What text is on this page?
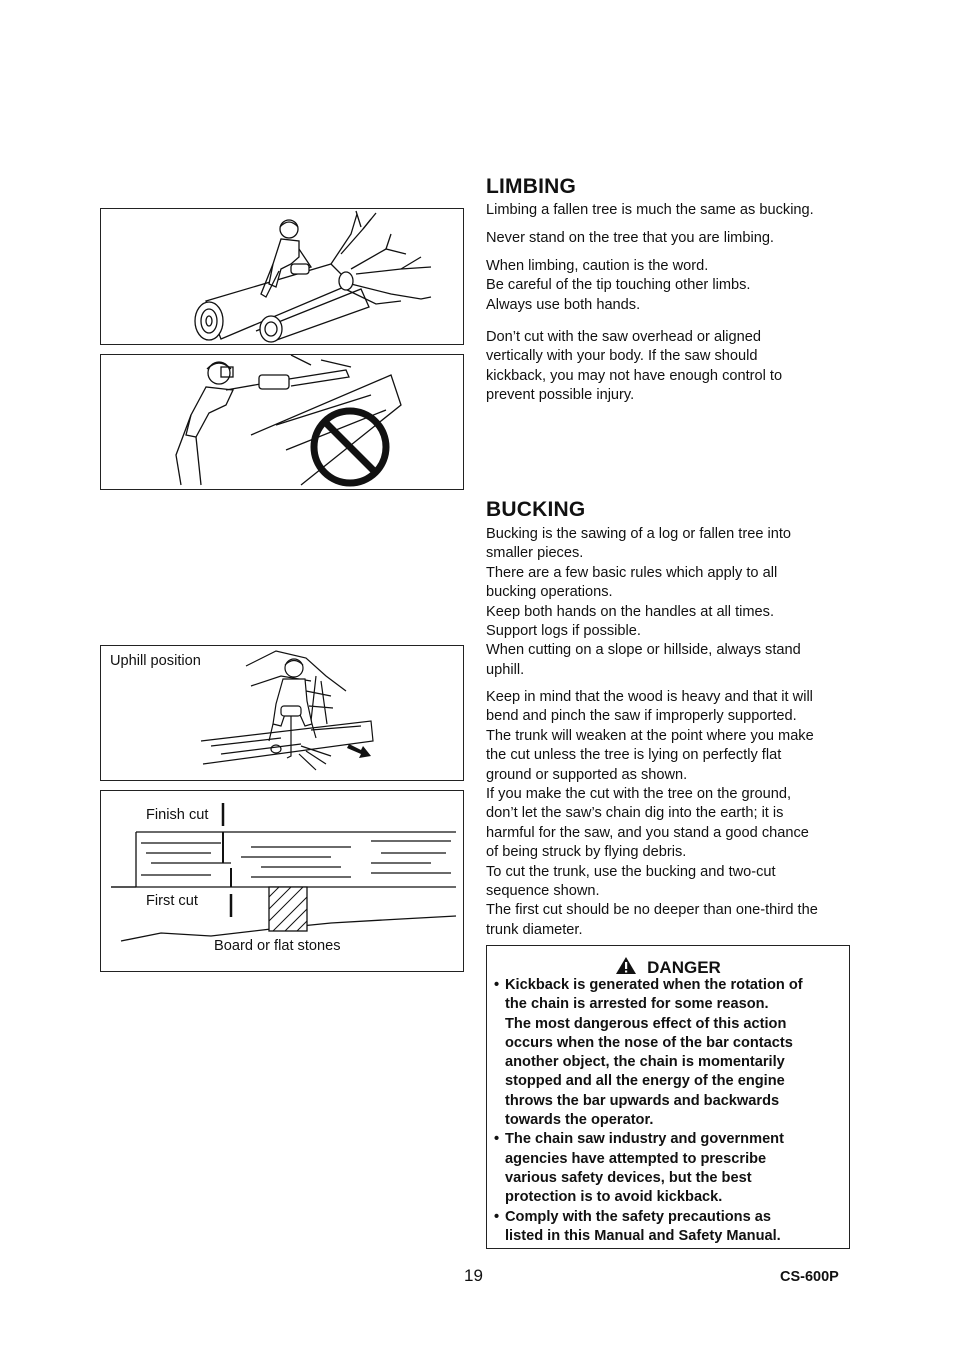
Uphill position
Finish cut
First cut
Board or flat stones
LIMBING

Limbing a fallen tree is much the same as bucking.

Never stand on the tree that you are limbing.

When limbing, caution is the word.
Be careful of the tip touching other limbs.
Always use both hands.

Don’t cut with the saw overhead or aligned
vertically with your body. If the saw should
kickback, you may not have enough control to
prevent possible injury.

BUCKING

Bucking is the sawing of a log or fallen tree into
smaller pieces.
There are a few basic rules which apply to all
bucking operations.
Keep both hands on the handles at all times.
Support logs if possible.
When cutting on a slope or hillside, always stand
uphill.

Keep in mind that the wood is heavy and that it will
bend and pinch the saw if improperly supported.
The trunk will weaken at the point where you make
the cut unless the tree is lying on perfectly flat
ground or supported as shown.
If you make the cut with the tree on the ground,
don’t let the saw’s chain dig into the earth; it is
harmful for the saw, and you stand a good chance
of being struck by flying debris.
To cut the trunk, use the bucking and two-cut
sequence shown.
The first cut should be no deeper than one-third the
trunk diameter.

DANGER
• Kickback is generated when the rotation of
the chain is arrested for some reason.
The most dangerous effect of this action
occurs when the nose of the bar contacts
another object, the chain is momentarily
stopped and all the energy of the engine
throws the bar upwards and backwards
towards the operator.
• The chain saw industry and government
agencies have attempted to prescribe
various safety devices, but the best
protection is to avoid kickback.
• Comply with the safety precautions as
listed in this Manual and Safety Manual.
19	CS-600P
